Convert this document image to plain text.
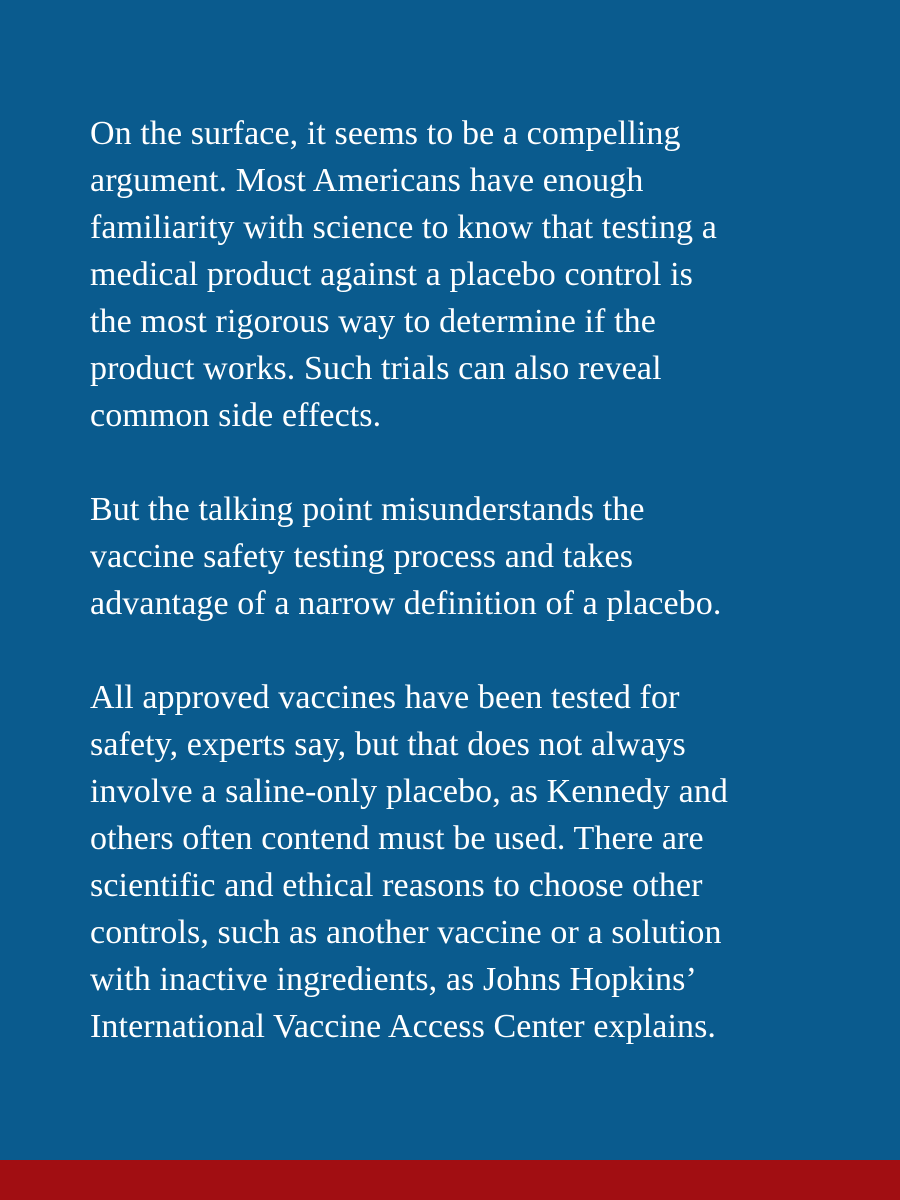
On the surface, it seems to be a compelling
argument. Most Americans have enough
familiarity with science to know that testing a
medical product against a placebo control is
the most rigorous way to determine if the
product works. Such trials can also reveal
common side effects.

But the talking point misunderstands the
vaccine safety testing process and takes
advantage of a narrow definition of a placebo.

All approved vaccines have been tested for
safety, experts say, but that does not always
involve a saline-only placebo, as Kennedy and
others often contend must be used. There are
scientific and ethical reasons to choose other
controls, such as another vaccine or a solution
with inactive ingredients, as Johns Hopkins’
International Vaccine Access Center explains.
